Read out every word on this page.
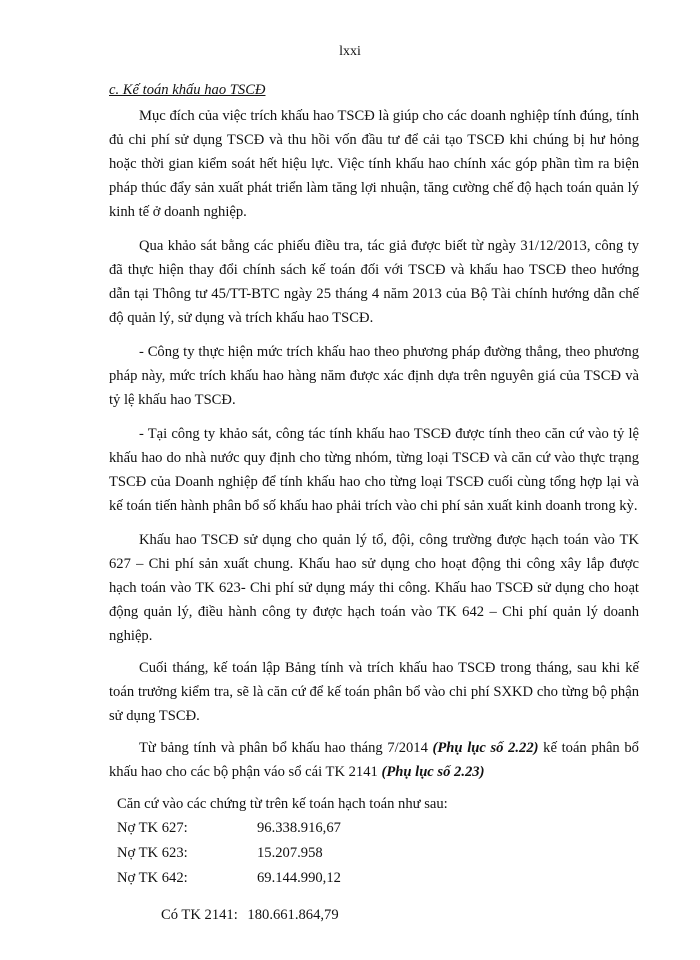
lxxi

c. Kế toán khấu hao TSCĐ

Mục đích của việc trích khấu hao TSCĐ là giúp cho các doanh nghiệp tính đúng, tính đủ chi phí sử dụng TSCĐ và thu hồi vốn đầu tư để cải tạo TSCĐ khi chúng bị hư hỏng hoặc thời gian kiểm soát hết hiệu lực. Việc tính khấu hao chính xác góp phần tìm ra biện pháp thúc đẩy sản xuất phát triển làm tăng lợi nhuận, tăng cường chế độ hạch toán quản lý kinh tế ở doanh nghiệp.

Qua khảo sát bằng các phiếu điều tra, tác giả được biết từ ngày 31/12/2013, công ty đã thực hiện thay đổi chính sách kế toán đối với TSCĐ và khấu hao TSCĐ theo hướng dẫn tại Thông tư 45/TT-BTC ngày 25 tháng 4 năm 2013 của Bộ Tài chính hướng dẫn chế độ quản lý, sử dụng và trích khấu hao TSCĐ.

- Công ty thực hiện mức trích khấu hao theo phương pháp đường thẳng, theo phương pháp này, mức trích khấu hao hàng năm được xác định dựa trên nguyên giá của TSCĐ và tỷ lệ khấu hao TSCĐ.

- Tại công ty khảo sát, công tác tính khấu hao TSCĐ được tính theo căn cứ vào tỷ lệ khấu hao do nhà nước quy định cho từng nhóm, từng loại TSCĐ và căn cứ vào thực trạng TSCĐ của Doanh nghiệp để tính khấu hao cho từng loại TSCĐ cuối cùng tổng hợp lại và kế toán tiến hành phân bổ số khấu hao phải trích vào chi phí sản xuất kinh doanh trong kỳ.

Khấu hao TSCĐ sử dụng cho quản lý tổ, đội, công trường được hạch toán vào TK 627 – Chi phí sản xuất chung. Khấu hao sử dụng cho hoạt động thi công xây lắp được hạch toán vào TK 623- Chi phí sử dụng máy thi công. Khấu hao TSCĐ sử dụng cho hoạt động quản lý, điều hành công ty được hạch toán vào TK 642 – Chi phí quản lý doanh nghiệp.

Cuối tháng, kế toán lập Bảng tính và trích khấu hao TSCĐ trong tháng, sau khi kế toán trưởng kiểm tra, sẽ là căn cứ để kế toán phân bổ vào chi phí SXKD cho từng bộ phận sử dụng TSCĐ.

Từ bảng tính và phân bổ khấu hao tháng 7/2014 (Phụ lục số 2.22) kế toán phân bổ khấu hao cho các bộ phận váo sổ cái TK 2141 (Phụ lục số 2.23)

Căn cứ vào các chứng từ trên kế toán hạch toán như sau:

Nợ TK 627:	96.338.916,67
Nợ TK 623:	15.207.958
Nợ TK 642:	69.144.990,12
Có TK 2141: 180.661.864,79
